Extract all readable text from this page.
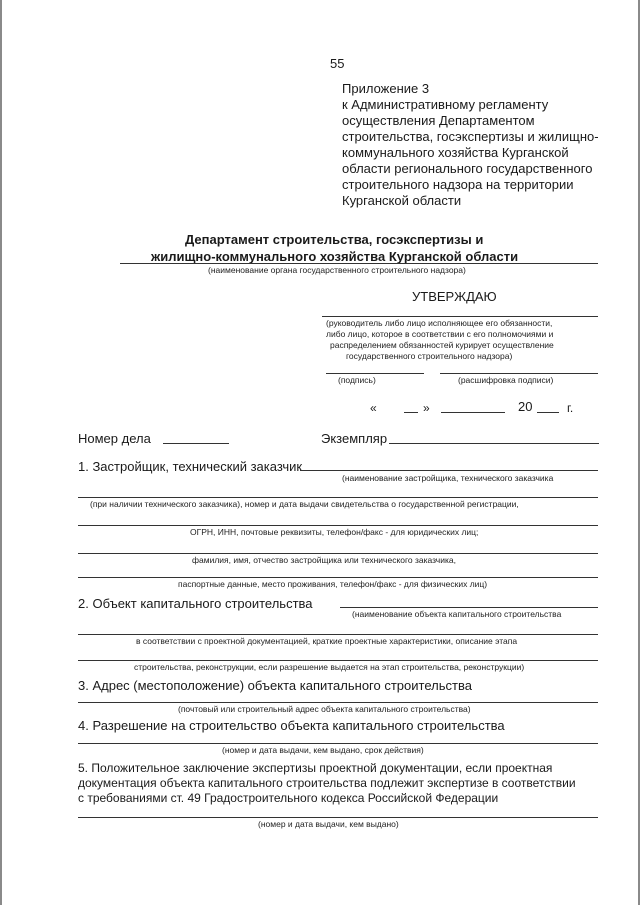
55
Приложение 3
к Административному регламенту
осуществления Департаментом
строительства, госэкспертизы и жилищно-
коммунального хозяйства Курганской
области регионального государственного
строительного надзора на территории
Курганской области
Департамент строительства, госэкспертизы и
жилищно-коммунального хозяйства Курганской области
(наименование органа государственного строительного надзора)
УТВЕРЖДАЮ
(руководитель либо лицо исполняющее его обязанности,
либо лицо, которое в соответствии с его полномочиями и
распределением обязанностей курирует осуществление
государственного строительного надзора)
(подпись)	(расшифровка подписи)
«	»	20	г.
Номер дела	Экземпляр
1. Застройщик, технический заказчик
(наименование застройщика, технического заказчика
(при наличии технического заказчика), номер и дата выдачи свидетельства о государственной регистрации,
ОГРН, ИНН, почтовые реквизиты, телефон/факс - для юридических лиц;
фамилия, имя, отчество застройщика или технического заказчика,
паспортные данные, место проживания, телефон/факс - для физических лиц)
2. Объект капитального строительства
(наименование объекта капитального строительства
в соответствии с проектной документацией, краткие проектные характеристики, описание этапа
строительства, реконструкции, если разрешение выдается на этап строительства, реконструкции)
3. Адрес (местоположение) объекта капитального строительства
(почтовый или строительный адрес объекта капитального строительства)
4. Разрешение на строительство объекта капитального строительства
(номер и дата выдачи, кем выдано, срок действия)
5. Положительное заключение экспертизы проектной документации, если проектная
документация объекта капитального строительства подлежит экспертизе в соответствии
с требованиями ст. 49 Градостроительного кодекса Российской Федерации
(номер и дата выдачи, кем выдано)
